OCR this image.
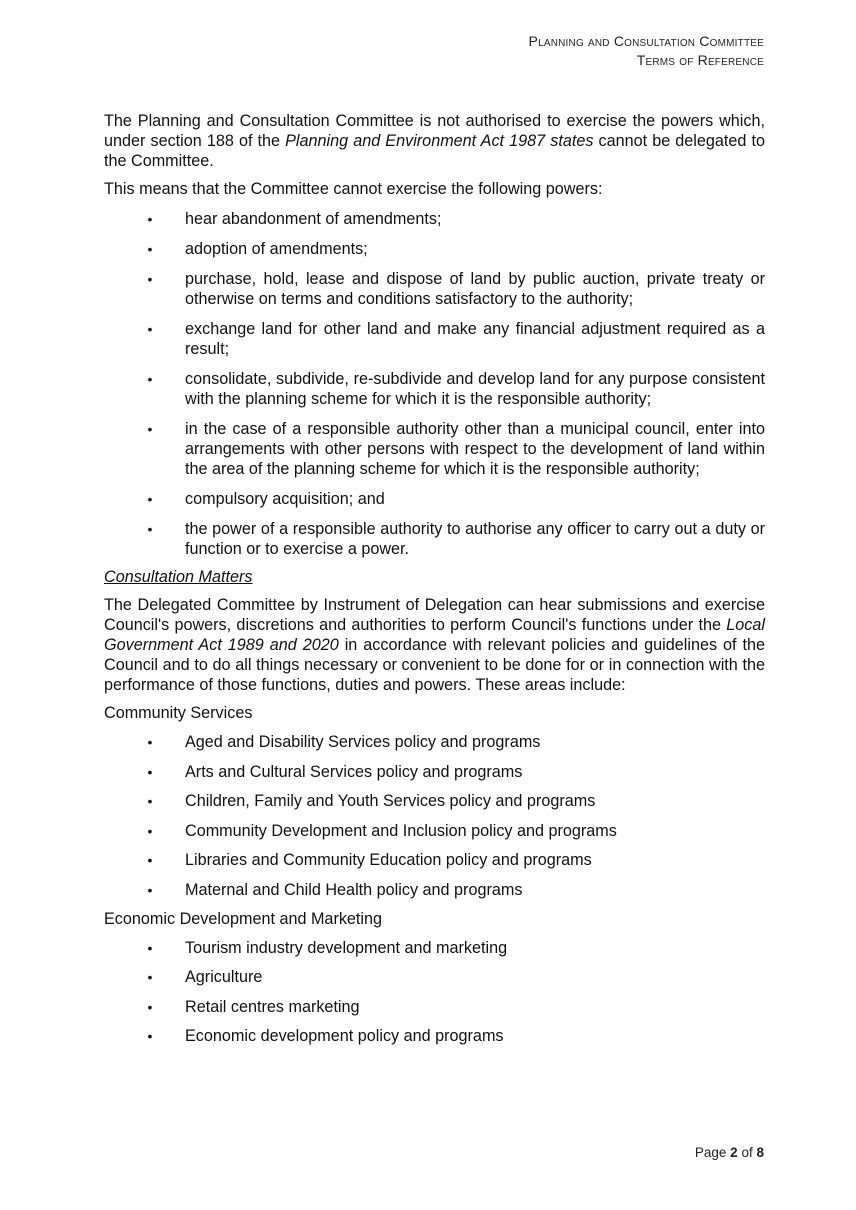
Planning and Consultation Committee
Terms of Reference

The Planning and Consultation Committee is not authorised to exercise the powers which, under section 188 of the Planning and Environment Act 1987 states cannot be delegated to the Committee.

This means that the Committee cannot exercise the following powers:

• hear abandonment of amendments;
• adoption of amendments;
• purchase, hold, lease and dispose of land by public auction, private treaty or otherwise on terms and conditions satisfactory to the authority;
• exchange land for other land and make any financial adjustment required as a result;
• consolidate, subdivide, re-subdivide and develop land for any purpose consistent with the planning scheme for which it is the responsible authority;
• in the case of a responsible authority other than a municipal council, enter into arrangements with other persons with respect to the development of land within the area of the planning scheme for which it is the responsible authority;
• compulsory acquisition; and
• the power of a responsible authority to authorise any officer to carry out a duty or function or to exercise a power.

Consultation Matters

The Delegated Committee by Instrument of Delegation can hear submissions and exercise Council's powers, discretions and authorities to perform Council's functions under the Local Government Act 1989 and 2020 in accordance with relevant policies and guidelines of the Council and to do all things necessary or convenient to be done for or in connection with the performance of those functions, duties and powers. These areas include:

Community Services

• Aged and Disability Services policy and programs
• Arts and Cultural Services policy and programs
• Children, Family and Youth Services policy and programs
• Community Development and Inclusion policy and programs
• Libraries and Community Education policy and programs
• Maternal and Child Health policy and programs

Economic Development and Marketing

• Tourism industry development and marketing
• Agriculture
• Retail centres marketing
• Economic development policy and programs
Page 2 of 8
